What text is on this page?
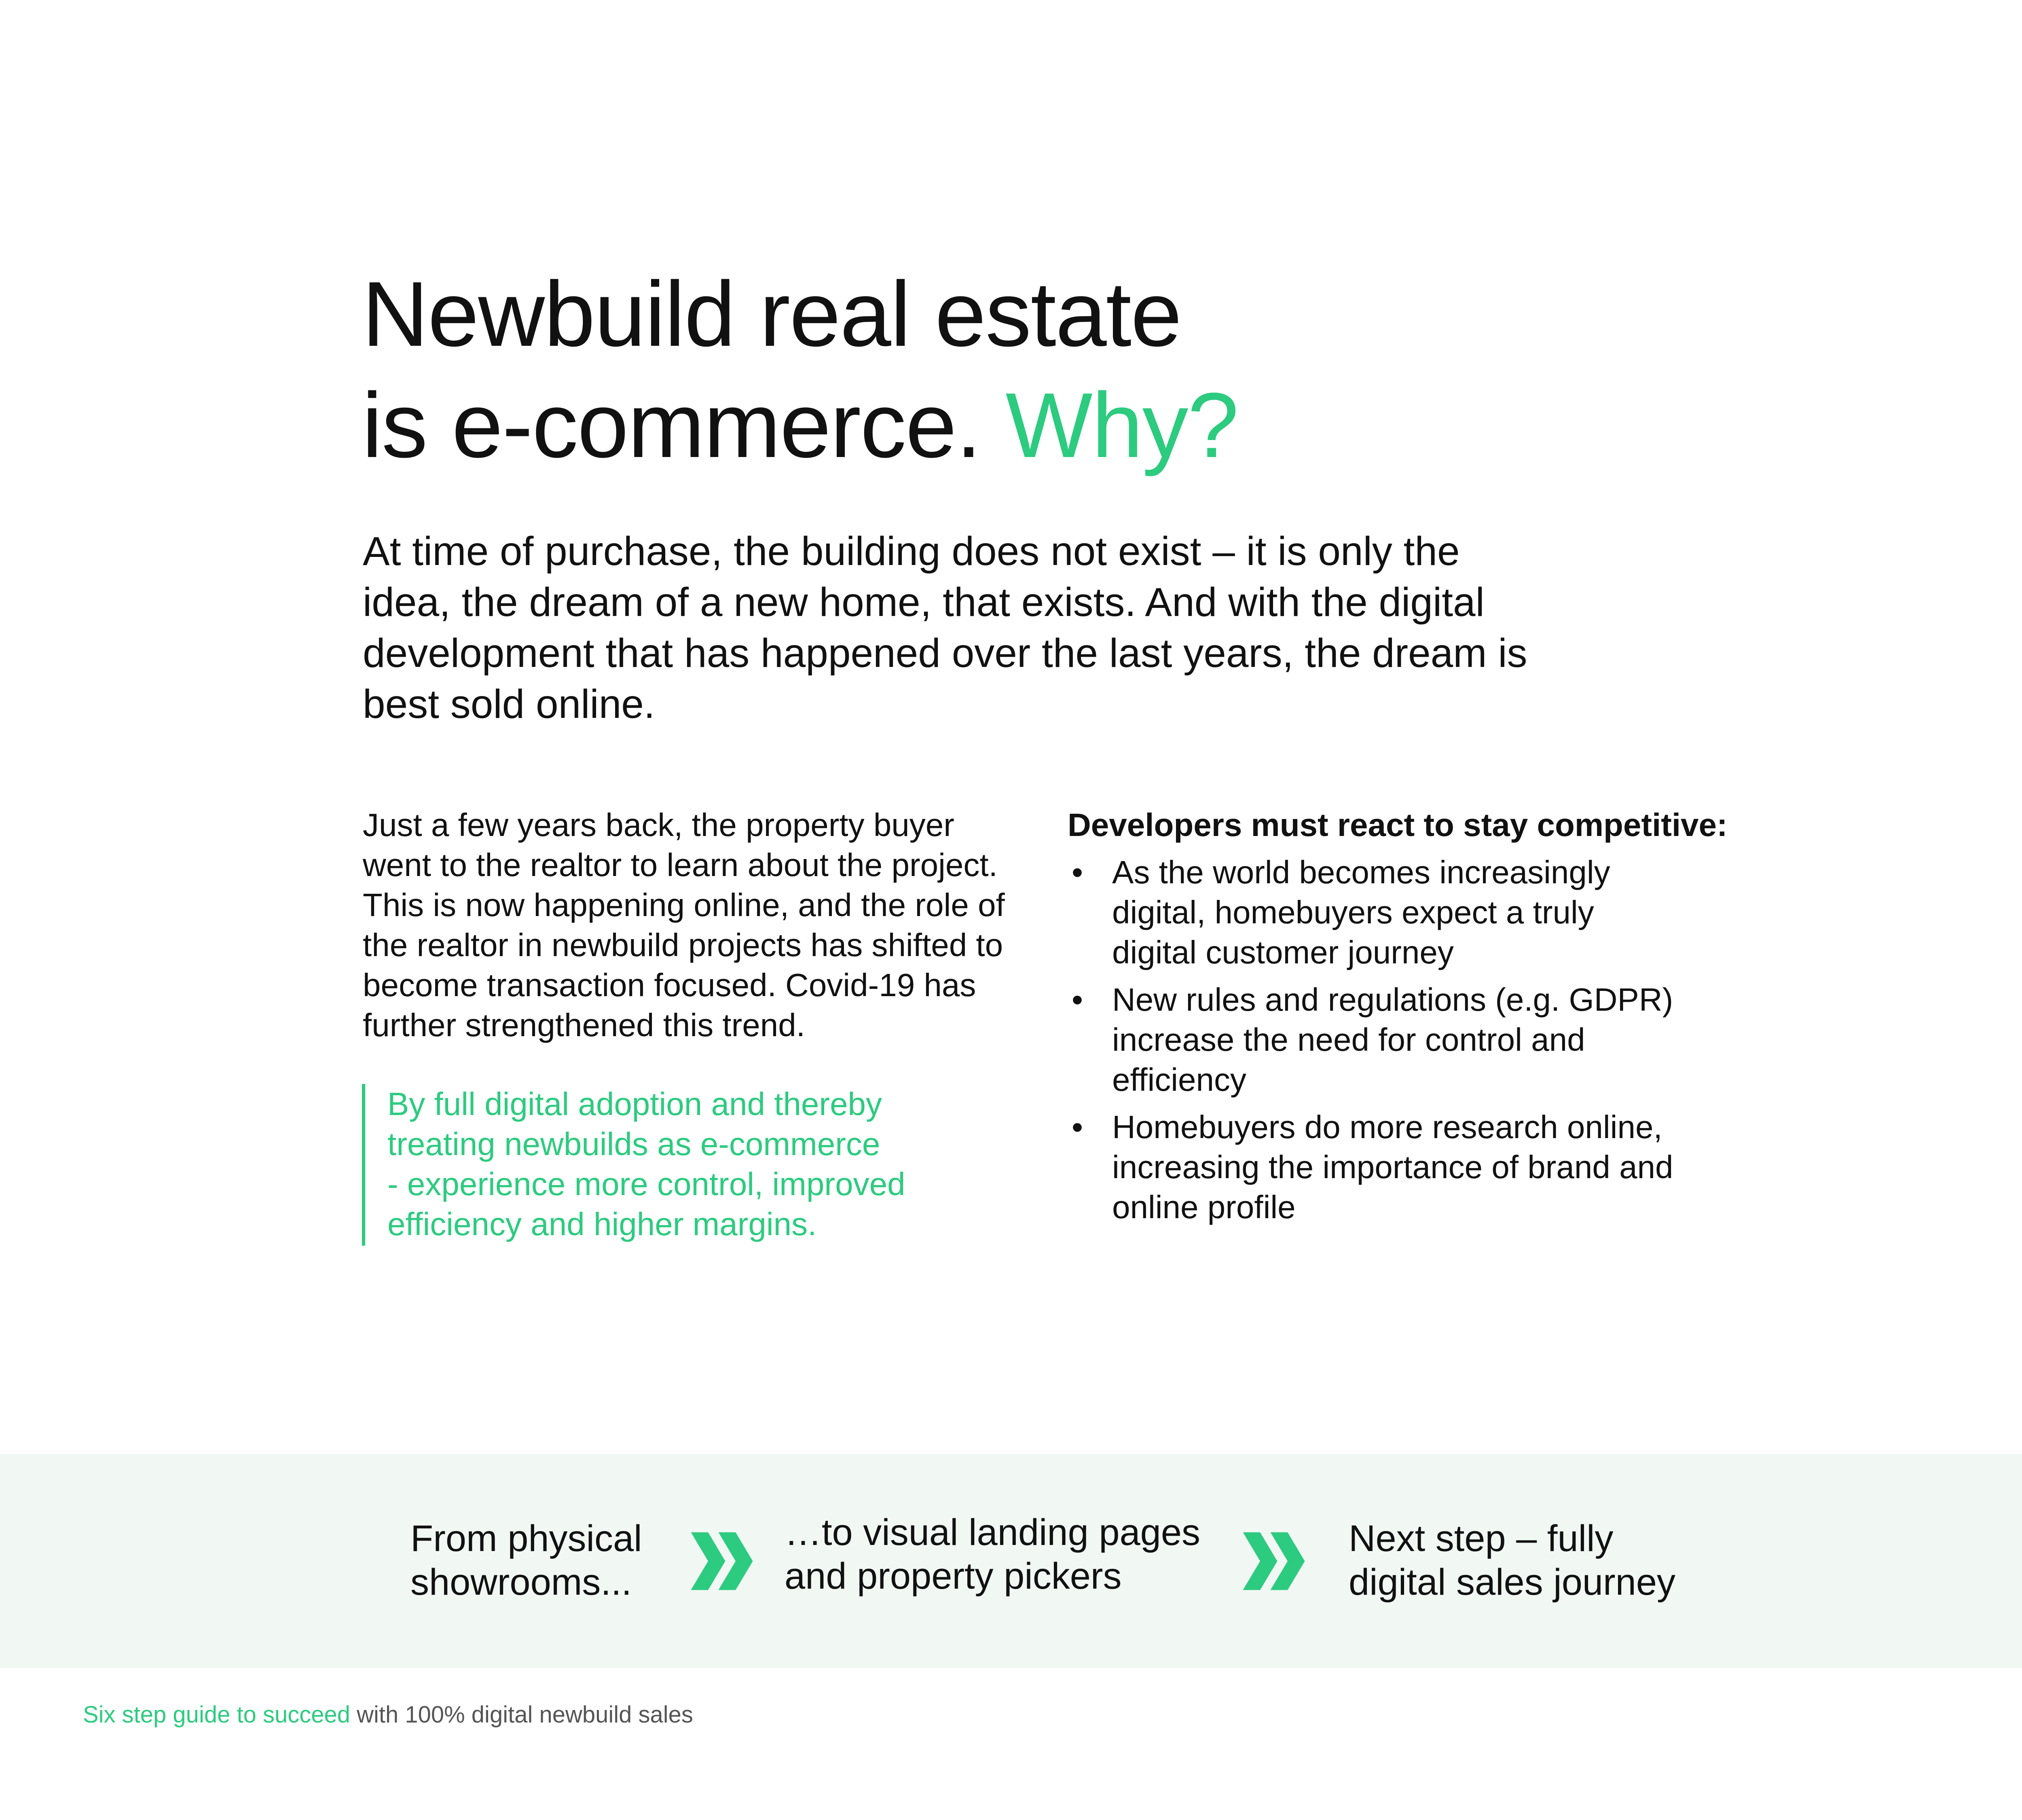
Newbuild real estate
is e-commerce. Why?
At time of purchase, the building does not exist – it is only the
idea, the dream of a new home, that exists. And with the digital
development that has happened over the last years, the dream is
best sold online.
Just a few years back, the property buyer
went to the realtor to learn about the project.
This is now happening online, and the role of
the realtor in newbuild projects has shifted to
become transaction focused. Covid-19 has
further strengthened this trend.
By full digital adoption and thereby
treating newbuilds as e-commerce
- experience more control, improved
efficiency and higher margins.
Developers must react to stay competitive:
• As the world becomes increasingly
digital, homebuyers expect a truly
digital customer journey
• New rules and regulations (e.g. GDPR)
increase the need for control and
efficiency
• Homebuyers do more research online,
increasing the importance of brand and
online profile
From physical
showrooms...
…to visual landing pages
and property pickers
Next step – fully
digital sales journey
Six step guide to succeed with 100% digital newbuild sales
